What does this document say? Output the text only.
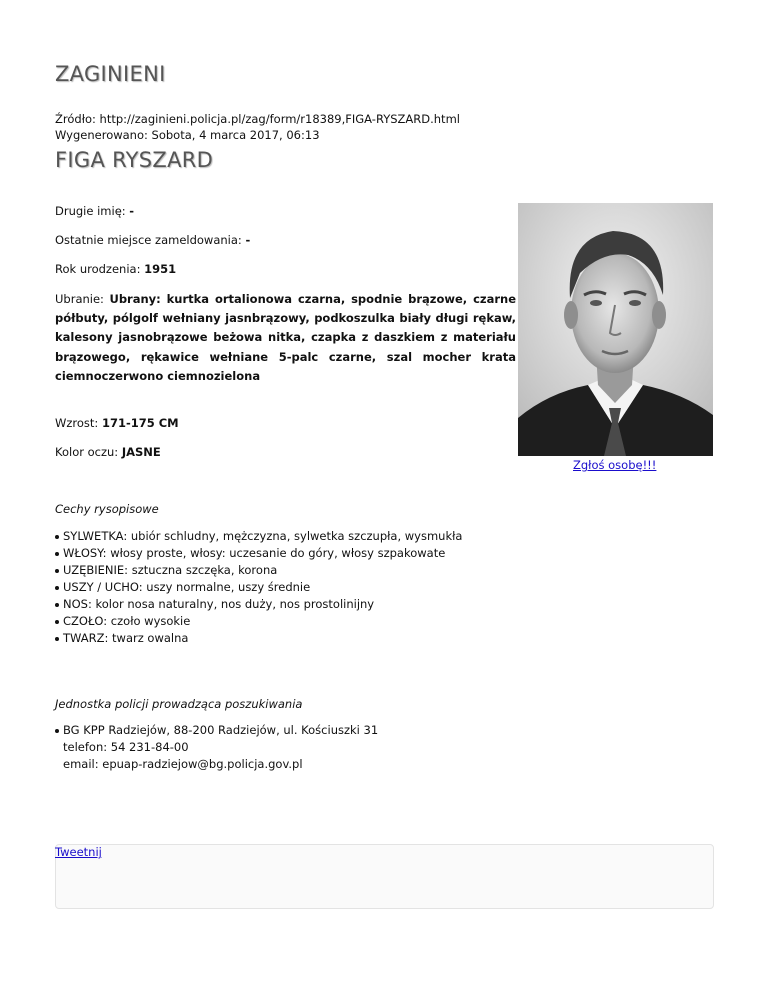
ZAGINIENI
Źródło: http://zaginieni.policja.pl/zag/form/r18389,FIGA-RYSZARD.html
Wygenerowano: Sobota, 4 marca 2017, 06:13
FIGA RYSZARD
Drugie imię: -
Ostatnie miejsce zameldowania: -
Rok urodzenia: 1951
Ubranie: Ubrany: kurtka ortalionowa czarna, spodnie brązowe, czarne półbuty, pólgolf wełniany jasnbrązowy, podkoszulka biały długi rękaw, kalesony jasnobrązowe beżowa nitka, czapka z daszkiem z materiału brązowego, rękawice wełniane 5-palc czarne, szal mocher krata ciemnoczerwono ciemnozielona
Wzrost: 171-175 CM
Kolor oczu: JASNE
Zgłoś osobę!!!
Cechy rysopisowe
SYLWETKA: ubiór schludny, mężczyzna, sylwetka szczupła, wysmukła
WŁOSY: włosy proste, włosy: uczesanie do góry, włosy szpakowate
UZĘBIENIE: sztuczna szczęka, korona
USZY / UCHO: uszy normalne, uszy średnie
NOS: kolor nosa naturalny, nos duży, nos prostolinijny
CZOŁO: czoło wysokie
TWARZ: twarz owalna
Jednostka policji prowadząca poszukiwania
BG KPP Radziejów, 88-200 Radziejów, ul. Kościuszki 31
telefon: 54 231-84-00
email: epuap-radziejow@bg.policja.gov.pl
Tweetnij
